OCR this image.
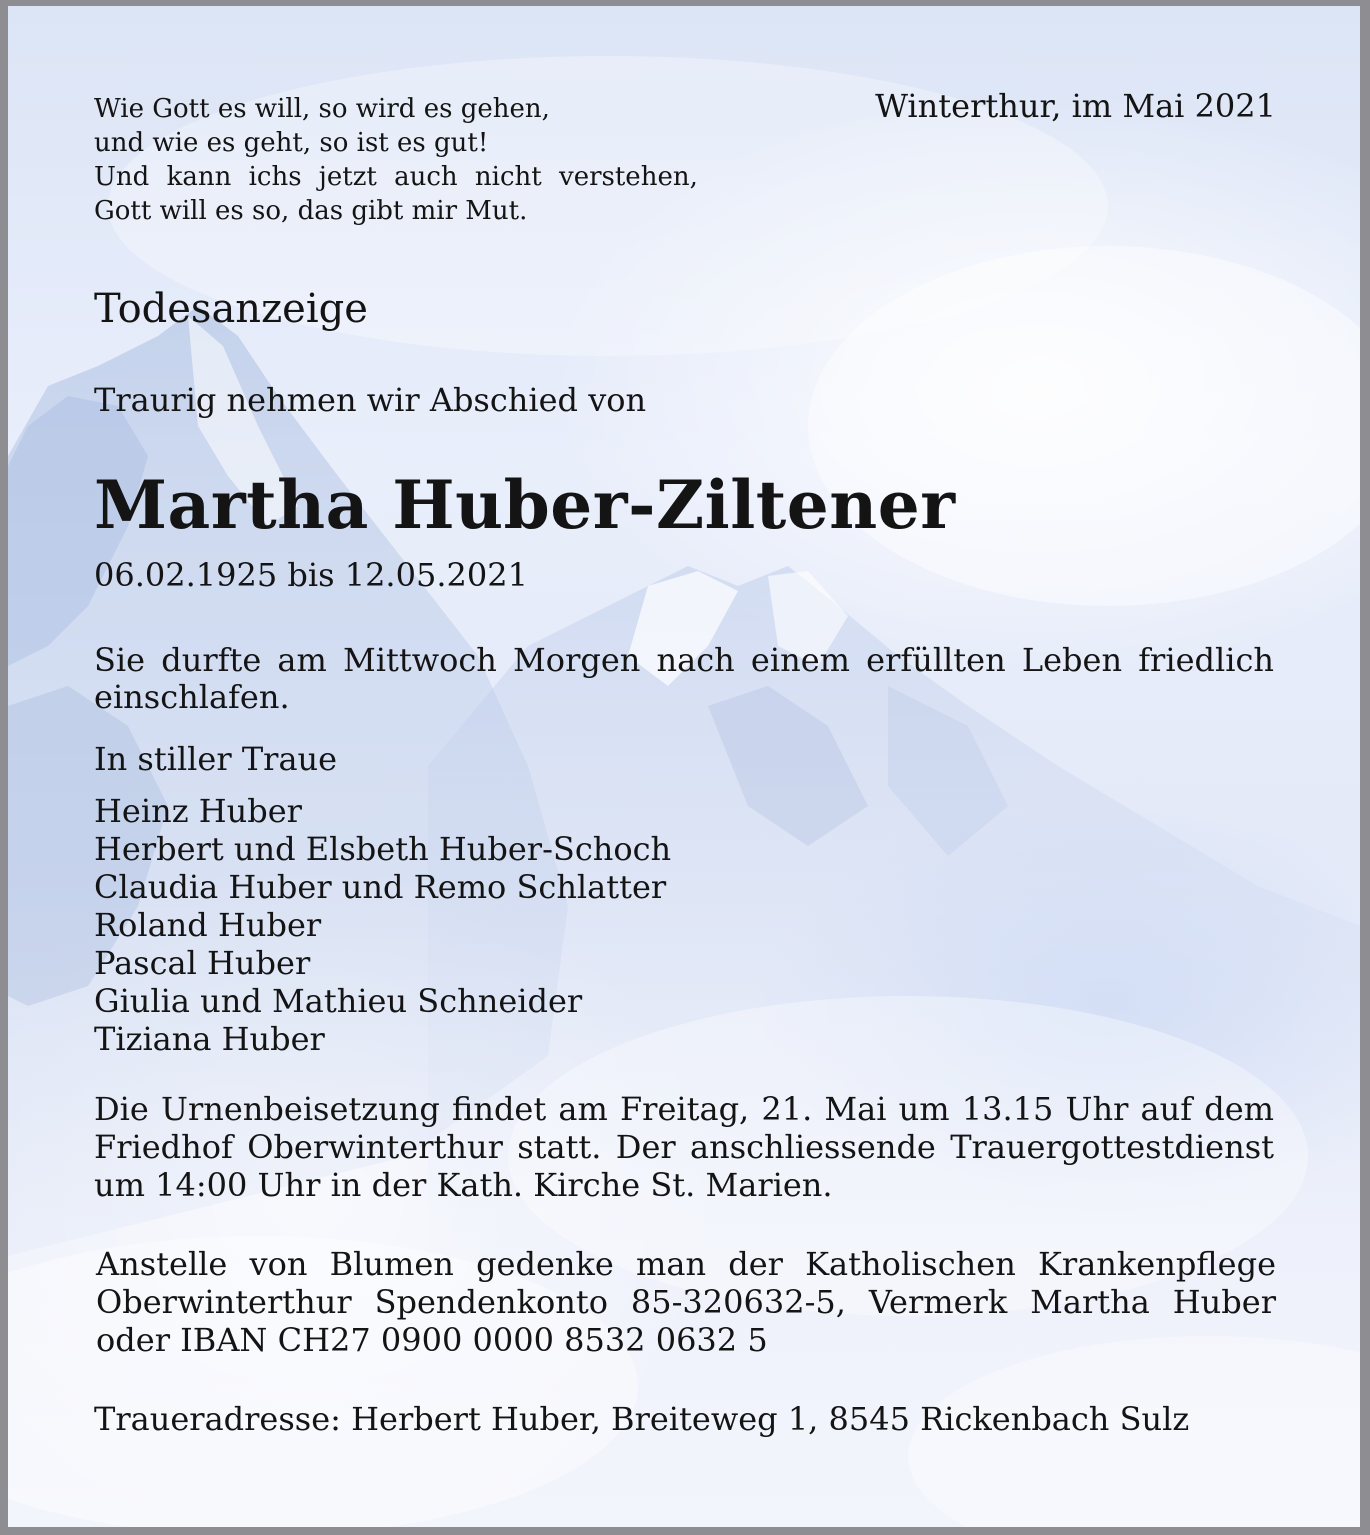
Wie Gott es will, so wird es gehen,
und wie es geht, so ist es gut!
Und kann ichs jetzt auch nicht verstehen,
Gott will es so, das gibt mir Mut.
Winterthur, im Mai 2021
Todesanzeige
Traurig nehmen wir Abschied von
Martha Huber-Ziltener
06.02.1925 bis 12.05.2021
Sie durfte am Mittwoch Morgen nach einem erfüllten Leben friedlich einschlafen.
In stiller Traue
Heinz Huber
Herbert und Elsbeth Huber-Schoch
Claudia Huber und Remo Schlatter
Roland Huber
Pascal Huber
Giulia und Mathieu Schneider
Tiziana Huber
Die Urnenbeisetzung findet am Freitag, 21. Mai um 13.15 Uhr auf dem Friedhof Oberwinterthur statt. Der anschliessende Trauergottestdienst um 14:00 Uhr in der Kath. Kirche St. Marien.
Anstelle von Blumen gedenke man der Katholischen Krankenpflege Oberwinterthur Spendenkonto 85-320632-5, Vermerk Martha Huber oder IBAN CH27 0900 0000 8532 0632 5
Traueradresse: Herbert Huber, Breiteweg 1, 8545 Rickenbach Sulz
